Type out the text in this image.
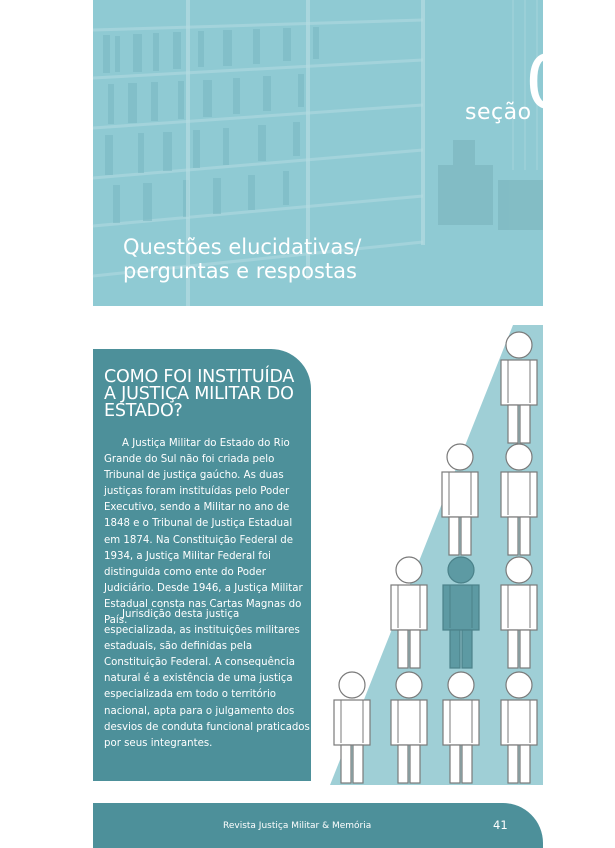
seção
03
Questões elucidativas/
perguntas e respostas
COMO FOI INSTITUÍDA
A JUSTIÇA MILITAR DO
ESTADO?

A Justiça Militar do Estado do Rio Grande do Sul não foi criada pelo Tribunal de justiça gaúcho. As duas justiças foram instituídas pelo Poder Executivo, sendo a Militar no ano de 1848 e o Tribunal de Justiça Estadual em 1874. Na Constituição Federal de 1934, a Justiça Militar Federal foi distinguida como ente do Poder Judiciário. Desde 1946, a Justiça Militar Estadual consta nas Cartas Magnas do País.

Jurisdição desta justiça especializada, as instituições militares estaduais, são definidas pela Constituição Federal. A consequência natural é a existência de uma justiça especializada em todo o território nacional, apta para o julgamento dos desvios de conduta funcional praticados por seus integrantes.

Revista Justiça Militar & Memória	41
